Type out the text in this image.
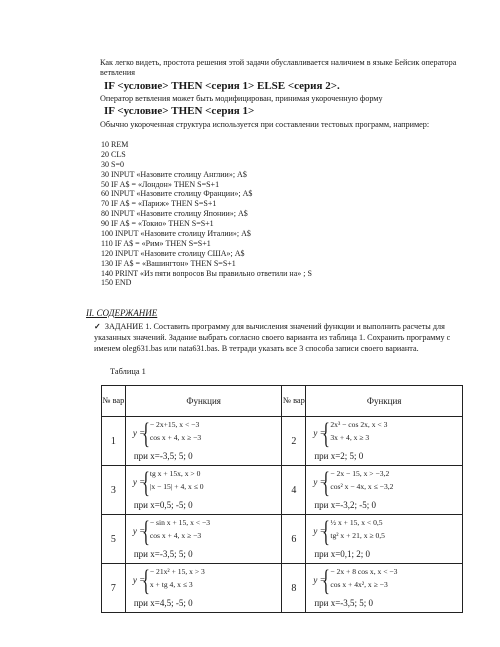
Как легко видеть, простота решения этой задачи обуславливается наличием в языке Бейсик оператора ветвления
IF <условие> THEN <серия 1> ELSE <серия 2>.
Оператор ветвления может быть модифицирован, принимая укороченную форму
IF <условие> THEN <серия 1>
Обычно укороченная структура используется при составлении тестовых программ, например:
10 REM
20 CLS
30 S=0
30 INPUT «Назовите столицу Англии»; A$
50 IF A$ = «Лондон» THEN S=S+1
60 INPUT «Назовите столицу Франции»; A$
70 IF A$ = «Париж» THEN S=S+1
80 INPUT «Назовите столицу Японии»; A$
90 IF A$ = «Токио» THEN S=S+1
100 INPUT «Назовите столицу Италии»; A$
110 IF A$ = «Рим» THEN S=S+1
120 INPUT «Назовите столицу США»; A$
130 IF A$ = «Вашингтон» THEN S=S+1
140 PRINT «Из пяти вопросов Вы правильно ответили на» ; S
150 END
II. СОДЕРЖАНИЕ
✓ ЗАДАНИЕ 1. Составить программу для вычисления значений функции и выполнить расчеты для указанных значений. Задание выбрать согласно своего варианта из таблица 1. Сохранить программу с именем oleg631.bas или nata631.bas. В тетради указать все 3 способа записи своего варианта.
Таблица 1
№ вар	Функция	№ вар	Функция
1	y =
{ − 2x+15, x < −3
cos x + 4, x ≥ −3
при x=-3,5; 5; 0	2	y =
{ 2x³ − cos 2x, x < 3
3x + 4, x ≥ 3
при x=2; 5; 0

3	y =
{ tg x + 15x, x > 0
|x − 15| + 4, x ≤ 0
при x=0,5; -5; 0	4	y =
{ − 2x − 15, x > −3,2
cos² x − 4x, x ≤ −3,2
при x=-3,2; -5; 0

5	y =
{ − sin x + 15, x < −3
cos x + 4, x ≥ −3
при x=-3,5; 5; 0	6	y =
{ ½ x + 15, x < 0,5
tg² x + 21, x ≥ 0,5
при x=0,1; 2; 0

7	y =
{ − 21x² + 15, x > 3
x + tg 4, x ≤ 3
при x=4,5; -5; 0	8	y =
{ − 2x + 8 cos x, x < −3
cos x + 4x², x ≥ −3
при x=-3,5; 5; 0
